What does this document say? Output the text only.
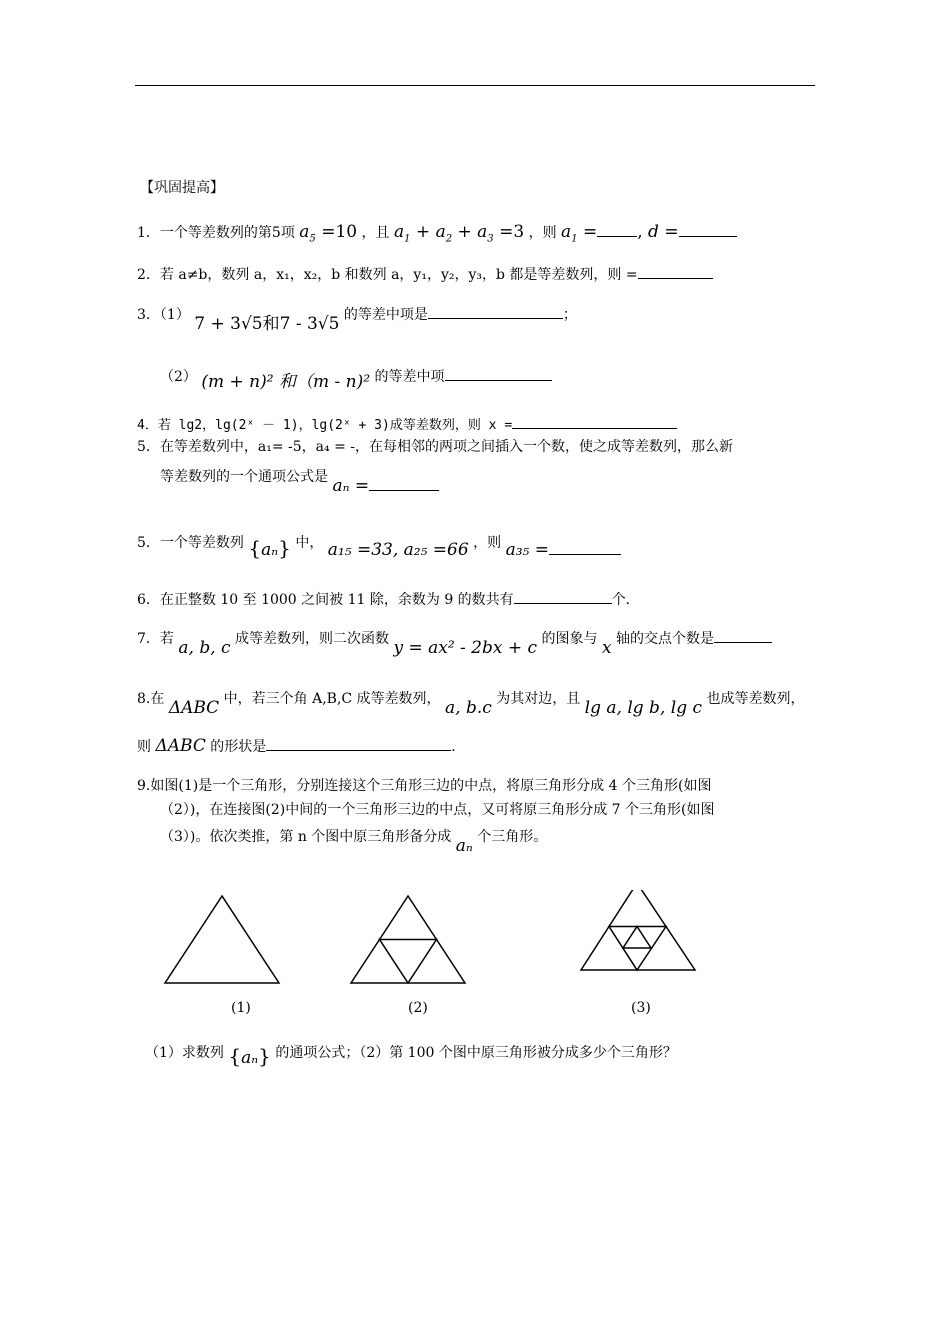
【巩固提高】
1．一个等差数列的第5项 $a_5 =10$ ，且 $a_1 + a_2 + a_3 =3$ ，则 $a_1$ = , d =
2．若 a≠b，数列 a，x₁，x₂，b 和数列 a，y₁，y₂，y₃，b 都是等差数列，则 =
3．（1） 7 + 3√5和7 - 3√5 的等差中项是	；
（2） (m + n)² 和（m - n)² 的等差中项
4．若 lg2，lg(2ˣ － 1)，lg(2ˣ + 3)成等差数列，则 x =
5．在等差数列中，a₁= -5，a₄ = -，在每相邻的两项之间插入一个数，使之成等差数列，那么新
等差数列的一个通项公式是 aₙ =
5．一个等差数列 {aₙ} 中， a₁₅ =33, a₂₅ =66 ，则 a₃₅ =
6．在正整数 10 至 1000 之间被 11 除，余数为 9 的数共有	个．
7．若 a, b, c 成等差数列，则二次函数 y = ax² - 2bx + c 的图象与 x 轴的交点个数是
8.在 ΔABC 中，若三个角 A,B,C 成等差数列， a, b.c 为其对边，且 lg a, lg b, lg c 也成等差数列，
则 ΔABC 的形状是	.
9.如图(1)是一个三角形，分别连接这个三角形三边的中点，将原三角形分成 4 个三角形(如图
（2）)，在连接图(2)中间的一个三角形三边的中点，又可将原三角形分成 7 个三角形(如图
（3）)。依次类推，第 n 个图中原三角形备分成 aₙ 个三角形。
(1)	(2)	(3)
（1）求数列 {aₙ} 的通项公式；（2）第 100 个图中原三角形被分成多少个三角形？
